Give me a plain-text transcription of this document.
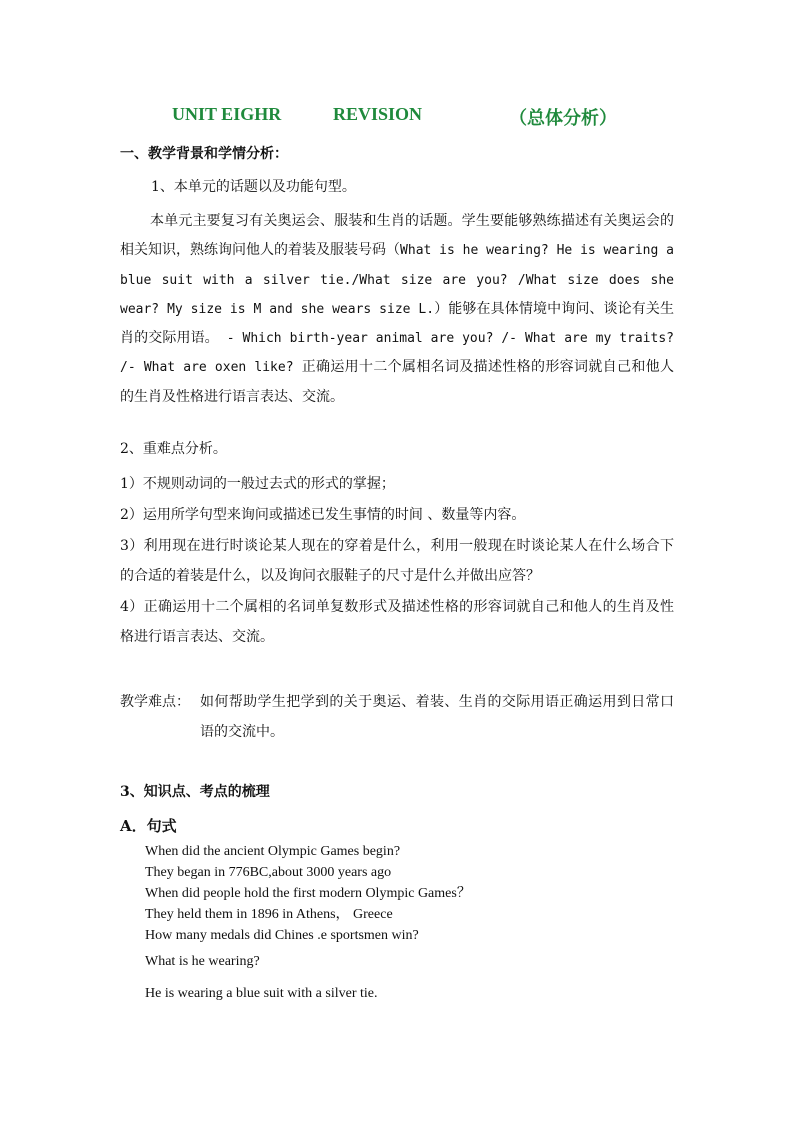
UNIT EIGHR	REVISION	（总体分析）
一、教学背景和学情分析：
1、本单元的话题以及功能句型。
本单元主要复习有关奥运会、服装和生肖的话题。学生要能够熟练描述有关奥运会的相关知识，熟练询问他人的着装及服装号码（What is he wearing? He is wearing a blue suit with a silver tie./What size are you? /What size does she wear? My size is M and she wears size L.）能够在具体情境中询问、谈论有关生肖的交际用语。 - Which birth-year animal are you? /- What are my traits? /- What are oxen like? 正确运用十二个属相名词及描述性格的形容词就自己和他人的生肖及性格进行语言表达、交流。
2、重难点分析。
1）不规则动词的一般过去式的形式的掌握；
2）运用所学句型来询问或描述已发生事情的时间 、数量等内容。
3）利用现在进行时谈论某人现在的穿着是什么，利用一般现在时谈论某人在什么场合下的合适的着装是什么，以及询问衣服鞋子的尺寸是什么并做出应答？
4）正确运用十二个属相的名词单复数形式及描述性格的形容词就自己和他人的生肖及性格进行语言表达、交流。
教学难点： 如何帮助学生把学到的关于奥运、着装、生肖的交际用语正确运用到日常口语的交流中。
3、知识点、考点的梳理
A．句式
When did the ancient Olympic Games begin?
They began in 776BC,about 3000 years ago
When did people hold the first modern Olympic Games？
They held them in 1896 in Athens， Greece
How many medals did Chines .e sportsmen win?
What is he wearing?
He is wearing a blue suit with a silver tie.
